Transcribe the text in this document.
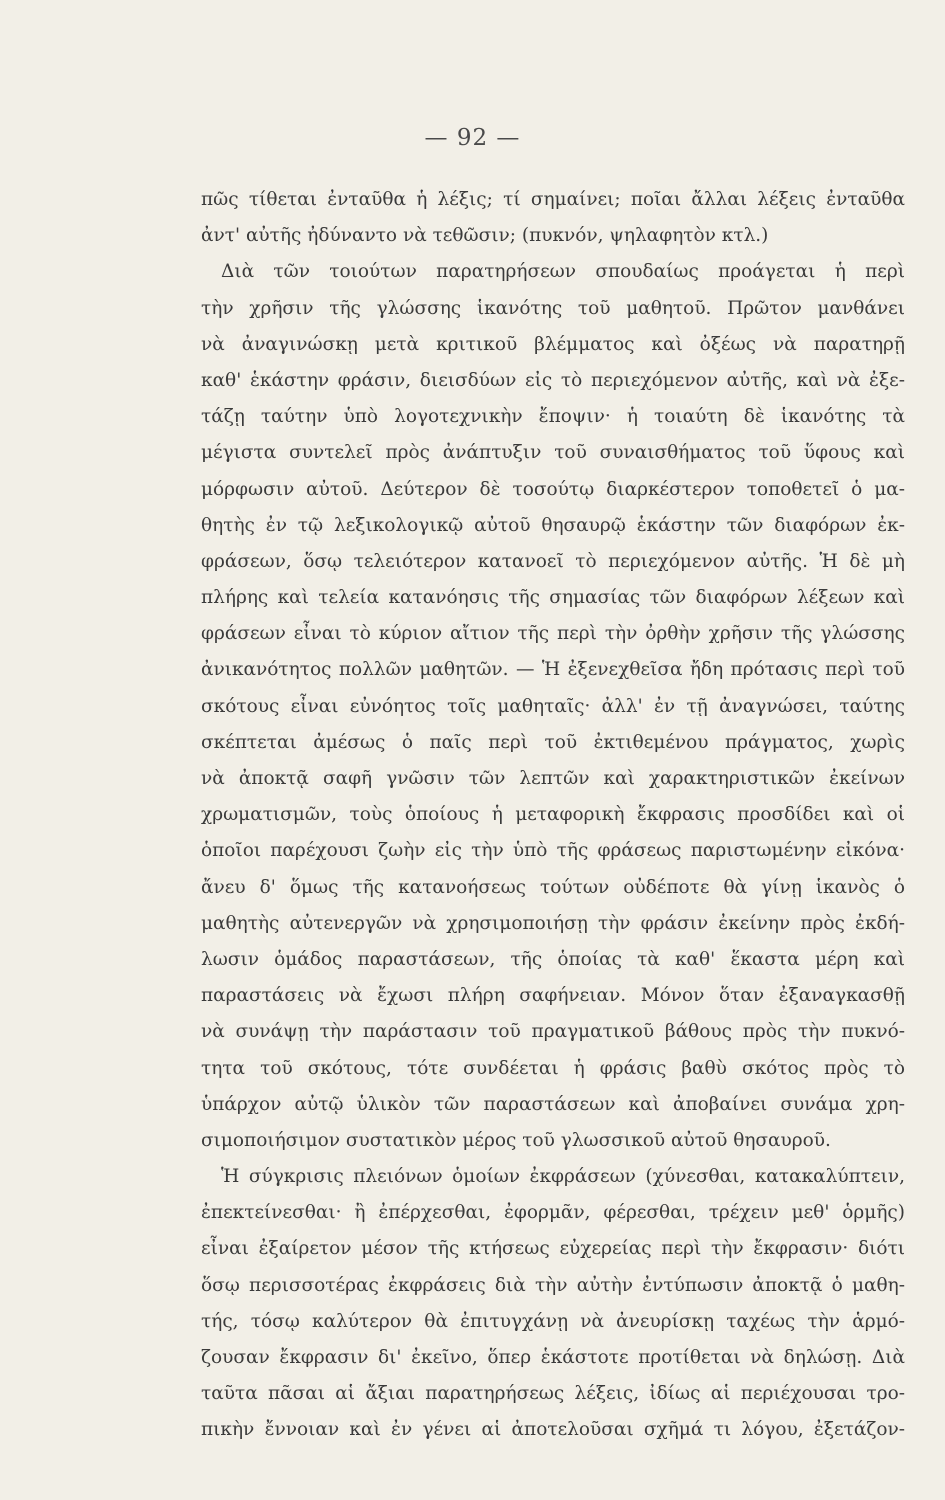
— 92 —
πῶς τίθεται ἐνταῦθα ἡ λέξις; τί σημαίνει; ποῖαι ἄλλαι λέξεις ἐνταῦθα
ἀντ' αὐτῆς ἠδύναντο νὰ τεθῶσιν; (πυκνόν, ψηλαφητὸν κτλ.)
Διὰ τῶν τοιούτων παρατηρήσεων σπουδαίως προάγεται ἡ περὶ
τὴν χρῆσιν τῆς γλώσσης ἱκανότης τοῦ μαθητοῦ. Πρῶτον μανθάνει
νὰ ἀναγινώσκῃ μετὰ κριτικοῦ βλέμματος καὶ ὀξέως νὰ παρατηρῇ
καθ' ἑκάστην φράσιν, διεισδύων εἰς τὸ περιεχόμενον αὐτῆς, καὶ νὰ ἐξε-
τάζῃ ταύτην ὑπὸ λογοτεχνικὴν ἔποψιν· ἡ τοιαύτη δὲ ἱκανότης τὰ
μέγιστα συντελεῖ πρὸς ἀνάπτυξιν τοῦ συναισθήματος τοῦ ὕφους καὶ
μόρφωσιν αὐτοῦ. Δεύτερον δὲ τοσούτῳ διαρκέστερον τοποθετεῖ ὁ μα-
θητὴς ἐν τῷ λεξικολογικῷ αὐτοῦ θησαυρῷ ἑκάστην τῶν διαφόρων ἐκ-
φράσεων, ὅσῳ τελειότερον κατανοεῖ τὸ περιεχόμενον αὐτῆς. Ἡ δὲ μὴ
πλήρης καὶ τελεία κατανόησις τῆς σημασίας τῶν διαφόρων λέξεων καὶ
φράσεων εἶναι τὸ κύριον αἴτιον τῆς περὶ τὴν ὀρθὴν χρῆσιν τῆς γλώσσης
ἀνικανότητος πολλῶν μαθητῶν. — Ἡ ἐξενεχθεῖσα ἤδη πρότασις περὶ τοῦ
σκότους εἶναι εὐνόητος τοῖς μαθηταῖς· ἀλλ' ἐν τῇ ἀναγνώσει, ταύτης
σκέπτεται ἀμέσως ὁ παῖς περὶ τοῦ ἐκτιθεμένου πράγματος, χωρὶς
νὰ ἀποκτᾷ σαφῆ γνῶσιν τῶν λεπτῶν καὶ χαρακτηριστικῶν ἐκείνων
χρωματισμῶν, τοὺς ὁποίους ἡ μεταφορικὴ ἔκφρασις προσδίδει καὶ οἱ
ὁποῖοι παρέχουσι ζωὴν εἰς τὴν ὑπὸ τῆς φράσεως παριστωμένην εἰκόνα·
ἄνευ δ' ὅμως τῆς κατανοήσεως τούτων οὐδέποτε θὰ γίνῃ ἱκανὸς ὁ
μαθητὴς αὐτενεργῶν νὰ χρησιμοποιήσῃ τὴν φράσιν ἐκείνην πρὸς ἐκδή-
λωσιν ὁμάδος παραστάσεων, τῆς ὁποίας τὰ καθ' ἕκαστα μέρη καὶ
παραστάσεις νὰ ἔχωσι πλήρη σαφήνειαν. Μόνον ὅταν ἐξαναγκασθῇ
νὰ συνάψῃ τὴν παράστασιν τοῦ πραγματικοῦ βάθους πρὸς τὴν πυκνό-
τητα τοῦ σκότους, τότε συνδέεται ἡ φράσις βαθὺ σκότος πρὸς τὸ
ὑπάρχον αὐτῷ ὑλικὸν τῶν παραστάσεων καὶ ἀποβαίνει συνάμα χρη-
σιμοποιήσιμον συστατικὸν μέρος τοῦ γλωσσικοῦ αὐτοῦ θησαυροῦ.
Ἡ σύγκρισις πλειόνων ὁμοίων ἐκφράσεων (χύνεσθαι, κατακαλύπτειν,
ἐπεκτείνεσθαι· ἢ ἐπέρχεσθαι, ἐφορμᾶν, φέρεσθαι, τρέχειν μεθ' ὁρμῆς)
εἶναι ἐξαίρετον μέσον τῆς κτήσεως εὐχερείας περὶ τὴν ἔκφρασιν· διότι
ὅσῳ περισσοτέρας ἐκφράσεις διὰ τὴν αὐτὴν ἐντύπωσιν ἀποκτᾷ ὁ μαθη-
τής, τόσῳ καλύτερον θὰ ἐπιτυγχάνῃ νὰ ἀνευρίσκῃ ταχέως τὴν ἁρμό-
ζουσαν ἔκφρασιν δι' ἐκεῖνο, ὅπερ ἑκάστοτε προτίθεται νὰ δηλώσῃ. Διὰ
ταῦτα πᾶσαι αἱ ἄξιαι παρατηρήσεως λέξεις, ἰδίως αἱ περιέχουσαι τρο-
πικὴν ἔννοιαν καὶ ἐν γένει αἱ ἀποτελοῦσαι σχῆμά τι λόγου, ἐξετάζον-
